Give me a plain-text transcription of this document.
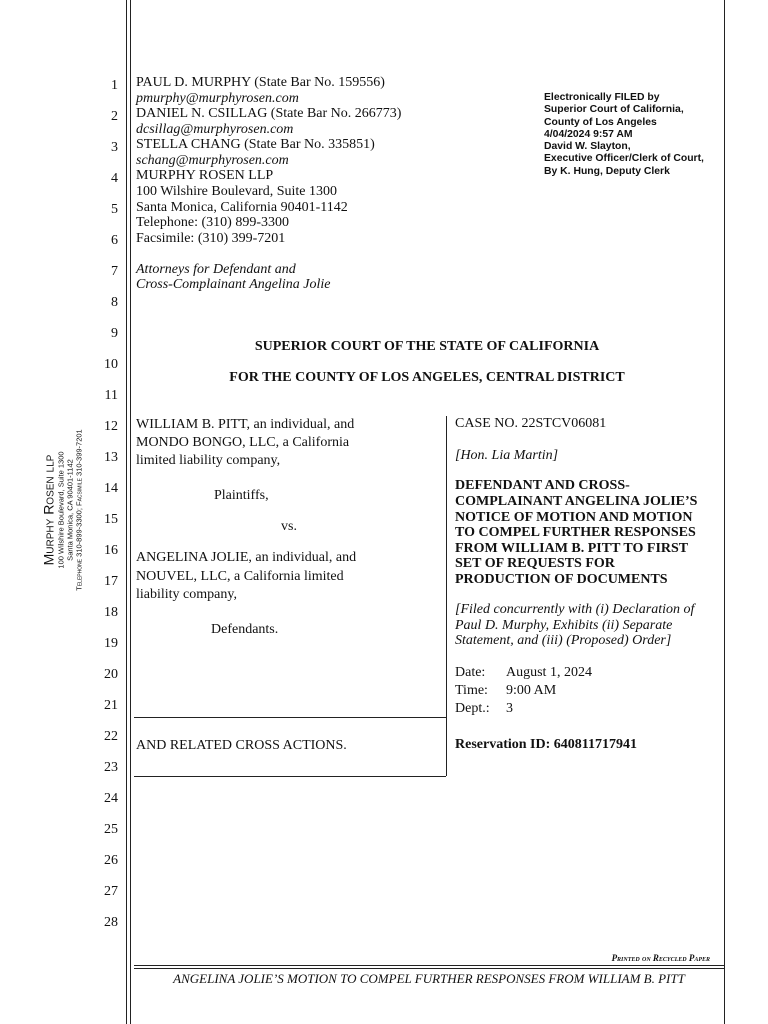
Murphy Rosen llp 100 Wilshire Boulevard, Suite 1300 Santa Monica, CA 90401-1142 Telephone 310-899-3300; Facsimile 310-399-7201
1
2
3
4
5
6
7
8
9
10
11
12
13
14
15
16
17
18
19
20
21
22
23
24
25
26
27
28
PAUL D. MURPHY (State Bar No. 159556)
pmurphy@murphyrosen.com
DANIEL N. CSILLAG (State Bar No. 266773)
dcsillag@murphyrosen.com
STELLA CHANG (State Bar No. 335851)
schang@murphyrosen.com
MURPHY ROSEN LLP
100 Wilshire Boulevard, Suite 1300
Santa Monica, California 90401-1142
Telephone: (310) 899-3300
Facsimile: (310) 399-7201
Attorneys for Defendant and
Cross-Complainant Angelina Jolie
Electronically FILED by
Superior Court of California,
County of Los Angeles
4/04/2024 9:57 AM
David W. Slayton,
Executive Officer/Clerk of Court,
By K. Hung, Deputy Clerk
SUPERIOR COURT OF THE STATE OF CALIFORNIA
FOR THE COUNTY OF LOS ANGELES, CENTRAL DISTRICT
WILLIAM B. PITT, an individual, and
MONDO BONGO, LLC, a California
limited liability company,
Plaintiffs,
vs.
ANGELINA JOLIE, an individual, and
NOUVEL, LLC, a California limited
liability company,
Defendants.
AND RELATED CROSS ACTIONS.
CASE NO. 22STCV06081
[Hon. Lia Martin]
DEFENDANT AND CROSS-
COMPLAINANT ANGELINA JOLIE’S
NOTICE OF MOTION AND MOTION
TO COMPEL FURTHER RESPONSES
FROM WILLIAM B. PITT TO FIRST
SET OF REQUESTS FOR
PRODUCTION OF DOCUMENTS
[Filed concurrently with (i) Declaration of
Paul D. Murphy, Exhibits (ii) Separate
Statement, and (iii) (Proposed) Order]
Date: August 1, 2024
Time: 9:00 AM
Dept.: 3
Reservation ID: 640811717941
Printed on Recycled Paper
ANGELINA JOLIE’S MOTION TO COMPEL FURTHER RESPONSES FROM WILLIAM B. PITT
